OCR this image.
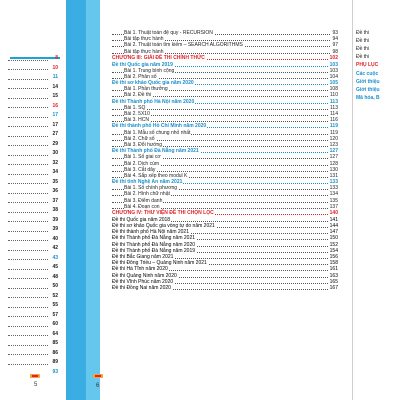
8
10
11
14
15
16
17
17
27
29
30
32
34
35
36
37
38
39
39
40
42
43
45
48
50
52
55
57
60
64
85
86
89
93
5
Bài 1. Thuật toán đệ quy - RECURSION	93
Bài tập thực hành	94
Bài 2. Thuật toán tìm kiếm – SEARCH ALGORITHMS	97
Bài tập thực hành	98
CHƯƠNG III: GIẢI ĐỀ THI CHÍNH THỨC	102
Đề thi Quốc gia năm 2019	103
Bài 1. Trung bình cộng	103
Bài 2. Phân số	104
Đề thi sơ khảo Quốc gia năm 2020	105
Bài 1. Phần thưởng	108
Bài 2. Đề thi	110
Đề thi Thành phố Hà Nội năm 2020	113
Bài 1. SQ	113
Bài 2. 5X10	114
Bài 3. HCN	116
Đề thi thành phố Hồ Chí Minh năm 2020	119
Bài 1. Mẫu số chung nhỏ nhất	119
Bài 2. Chữ số	120
Bài 3. Đổi hướng	123
Đề thi Thành phố Đà Nẵng năm 2021	127
Bài 1. Số giai cơ	127
Bài 2. Dịch cùm	128
Bài 3. Cắt dây	130
Bài 4. Sắp xếp theo modul K	131
Đề thi tỉnh Nghệ An năm 2021	133
Bài 1. Số chính phương	133
Bài 2. Hình chữ nhật	134
Bài 3. Điểm danh	135
Bài 4. Đoạn con	137
CHƯƠNG IV: THƯ VIỆN ĐỀ THI CHỌN LỌC	140
Đề thi Quốc gia năm 2018	141
Đề thi sơ khảo Quốc gia vòng tự do năm 2021	144
Đề thi thành phố Hà Nội năm 2021	147
Đề thi Thành phố Đà Nẵng năm 2021	150
Đề thi Thành phố Đà Nẵng năm 2020	152
Đề thi Thành phố Đà Nẵng năm 2019	154
Đề thi Bắc Giang năm 2021	156
Đề thi Đông Triều – Quảng Ninh năm 2021	158
Đề thi Hà Tĩnh năm 2020	161
Đề thi Quảng Ninh năm 2020	163
Đề thi Vĩnh Phúc năm 2020	165
Đề thi Đồng Nai năm 2020	167
6
Đề thi
Đề thi
Đề thi
Đề thi
PHỤ LỤC
Các cuộc
Giới thiệu
Giới thiệu
Mã hóa, B
